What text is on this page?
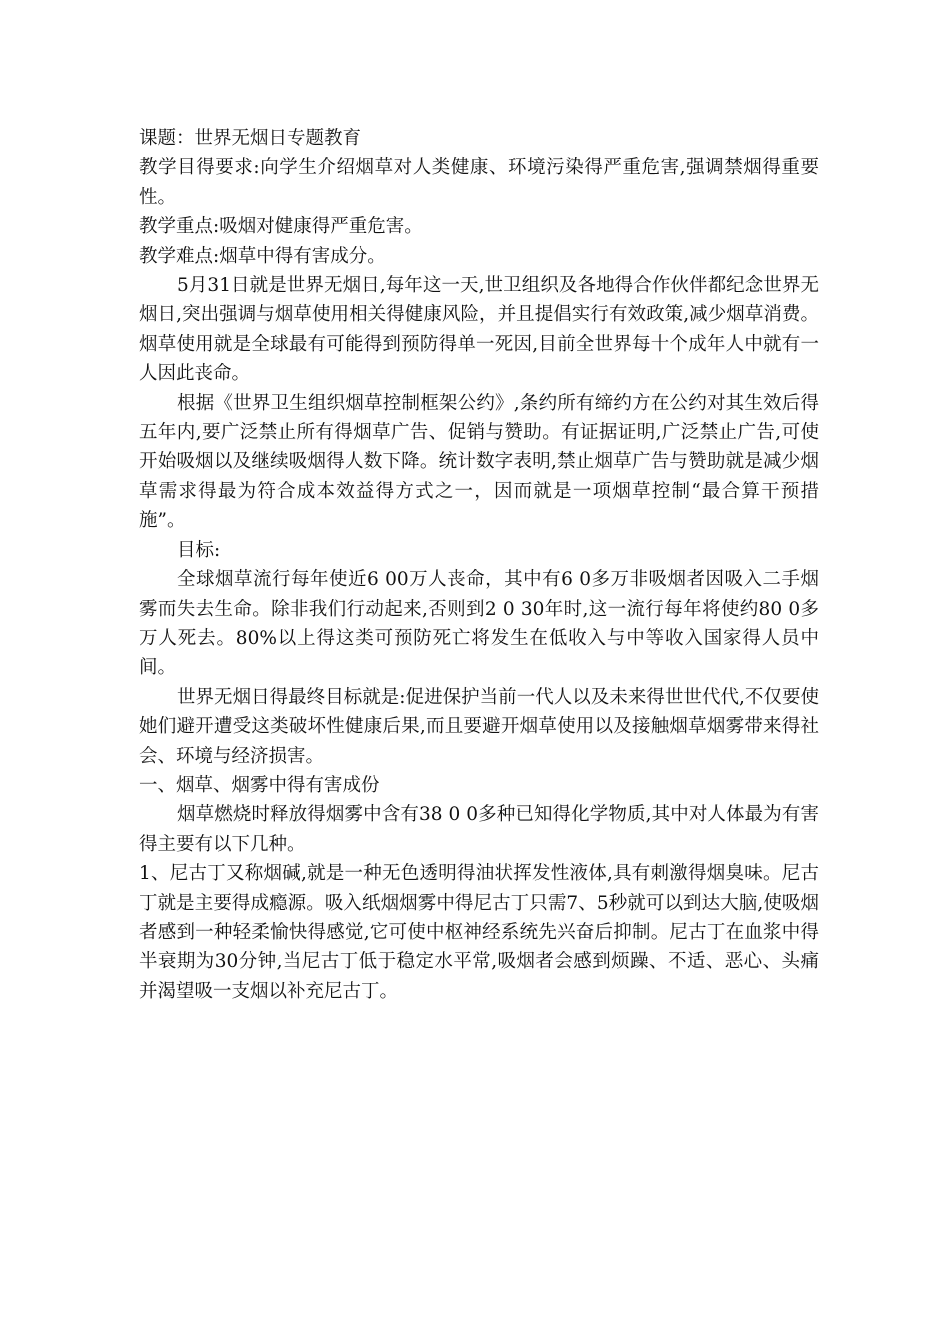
课题：世界无烟日专题教育

教学目得要求:向学生介绍烟草对人类健康、环境污染得严重危害,强调禁烟得重要性。

教学重点:吸烟对健康得严重危害。

教学难点:烟草中得有害成分。

5月31日就是世界无烟日,每年这一天,世卫组织及各地得合作伙伴都纪念世界无烟日,突出强调与烟草使用相关得健康风险，并且提倡实行有效政策,减少烟草消费。烟草使用就是全球最有可能得到预防得单一死因,目前全世界每十个成年人中就有一人因此丧命。

根据《世界卫生组织烟草控制框架公约》,条约所有缔约方在公约对其生效后得五年内,要广泛禁止所有得烟草广告、促销与赞助。有证据证明,广泛禁止广告,可使开始吸烟以及继续吸烟得人数下降。统计数字表明,禁止烟草广告与赞助就是减少烟草需求得最为符合成本效益得方式之一，因而就是一项烟草控制“最合算干预措施”。

目标:

全球烟草流行每年使近6 00万人丧命，其中有6 0多万非吸烟者因吸入二手烟雾而失去生命。除非我们行动起来,否则到2 0 30年时,这一流行每年将使约80 0多万人死去。80%以上得这类可预防死亡将发生在低收入与中等收入国家得人员中间。

世界无烟日得最终目标就是:促进保护当前一代人以及未来得世世代代,不仅要使她们避开遭受这类破坏性健康后果,而且要避开烟草使用以及接触烟草烟雾带来得社会、环境与经济损害。

一、烟草、烟雾中得有害成份

烟草燃烧时释放得烟雾中含有38 0 0多种已知得化学物质,其中对人体最为有害得主要有以下几种。

1、尼古丁又称烟碱,就是一种无色透明得油状挥发性液体,具有刺激得烟臭味。尼古丁就是主要得成瘾源。吸入纸烟烟雾中得尼古丁只需7、5秒就可以到达大脑,使吸烟者感到一种轻柔愉快得感觉,它可使中枢神经系统先兴奋后抑制。尼古丁在血浆中得半衰期为30分钟,当尼古丁低于稳定水平常,吸烟者会感到烦躁、不适、恶心、头痛并渴望吸一支烟以补充尼古丁。
